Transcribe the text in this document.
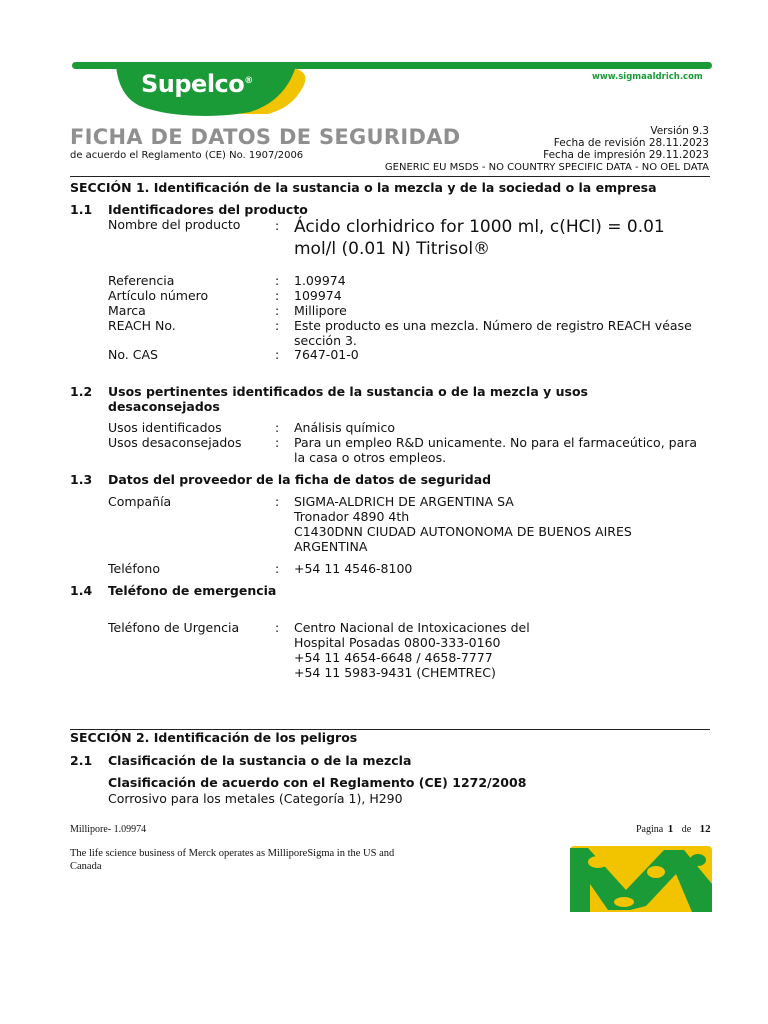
Supelco®	www.sigmaaldrich.com
FICHA DE DATOS DE SEGURIDAD
de acuerdo el Reglamento (CE) No. 1907/2006
Versión 9.3
Fecha de revisión 28.11.2023
Fecha de impresión 29.11.2023
GENERIC EU MSDS - NO COUNTRY SPECIFIC DATA - NO OEL DATA
SECCIÓN 1. Identificación de la sustancia o la mezcla y de la sociedad o la empresa
1.1 Identificadores del producto
Nombre del producto	: Ácido clorhidrico for 1000 ml, c(HCl) = 0.01
mol/l (0.01 N) Titrisol®
Referencia	: 1.09974
Artículo número	: 109974
Marca	: Millipore
REACH No.	: Este producto es una mezcla. Número de registro REACH véase
sección 3.
No. CAS	: 7647-01-0
1.2 Usos pertinentes identificados de la sustancia o de la mezcla y usos
desaconsejados
Usos identificados	: Análisis químico
Usos desaconsejados	: Para un empleo R&D unicamente. No para el farmaceútico, para
la casa o otros empleos.
1.3 Datos del proveedor de la ficha de datos de seguridad
Compañía	: SIGMA-ALDRICH DE ARGENTINA SA
Tronador 4890 4th
C1430DNN CIUDAD AUTONONOMA DE BUENOS AIRES
ARGENTINA
Teléfono	: +54 11 4546-8100
1.4 Teléfono de emergencia
Teléfono de Urgencia	: Centro Nacional de Intoxicaciones del
Hospital Posadas 0800-333-0160
+54 11 4654-6648 / 4658-7777
+54 11 5983-9431 (CHEMTREC)
SECCIÓN 2. Identificación de los peligros
2.1 Clasificación de la sustancia o de la mezcla
Clasificación de acuerdo con el Reglamento (CE) 1272/2008
Corrosivo para los metales (Categoría 1), H290
Millipore- 1.09974	Pagina 1 de 12
The life science business of Merck operates as MilliporeSigma in the US and
Canada
